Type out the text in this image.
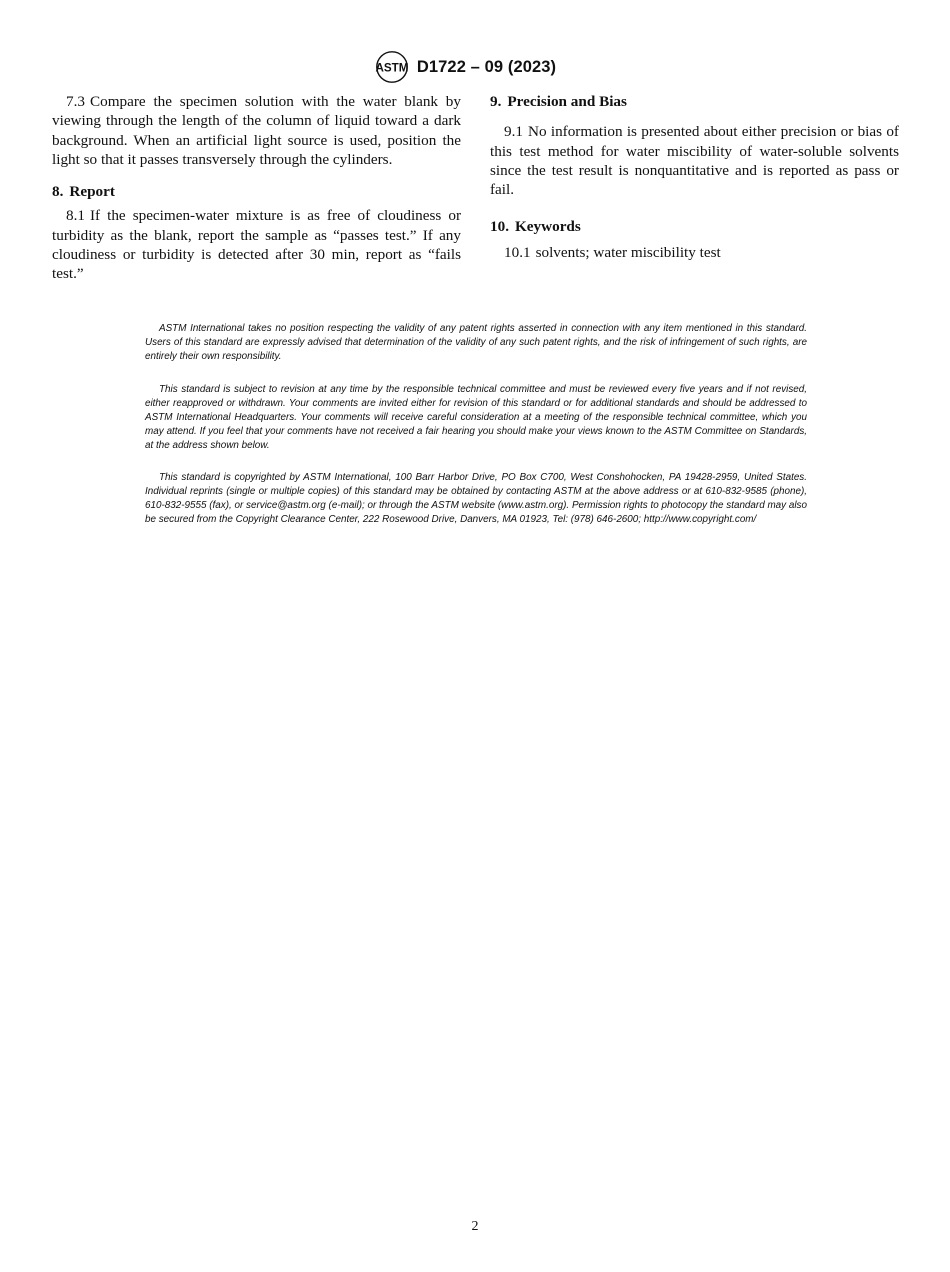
ASTM D1722 – 09 (2023)

7.3 Compare the specimen solution with the water blank by viewing through the length of the column of liquid toward a dark background. When an artificial light source is used, position the light so that it passes transversely through the cylinders.

8. Report

8.1 If the specimen-water mixture is as free of cloudiness or turbidity as the blank, report the sample as “passes test.” If any cloudiness or turbidity is detected after 30 min, report as “fails test.”

9. Precision and Bias

9.1 No information is presented about either precision or bias of this test method for water miscibility of water-soluble solvents since the test result is nonquantitative and is reported as pass or fail.

10. Keywords

10.1 solvents; water miscibility test

ASTM International takes no position respecting the validity of any patent rights asserted in connection with any item mentioned in this standard. Users of this standard are expressly advised that determination of the validity of any such patent rights, and the risk of infringement of such rights, are entirely their own responsibility.

This standard is subject to revision at any time by the responsible technical committee and must be reviewed every five years and if not revised, either reapproved or withdrawn. Your comments are invited either for revision of this standard or for additional standards and should be addressed to ASTM International Headquarters. Your comments will receive careful consideration at a meeting of the responsible technical committee, which you may attend. If you feel that your comments have not received a fair hearing you should make your views known to the ASTM Committee on Standards, at the address shown below.

This standard is copyrighted by ASTM International, 100 Barr Harbor Drive, PO Box C700, West Conshohocken, PA 19428-2959, United States. Individual reprints (single or multiple copies) of this standard may be obtained by contacting ASTM at the above address or at 610-832-9585 (phone), 610-832-9555 (fax), or service@astm.org (e-mail); or through the ASTM website (www.astm.org). Permission rights to photocopy the standard may also be secured from the Copyright Clearance Center, 222 Rosewood Drive, Danvers, MA 01923, Tel: (978) 646-2600; http://www.copyright.com/

2
